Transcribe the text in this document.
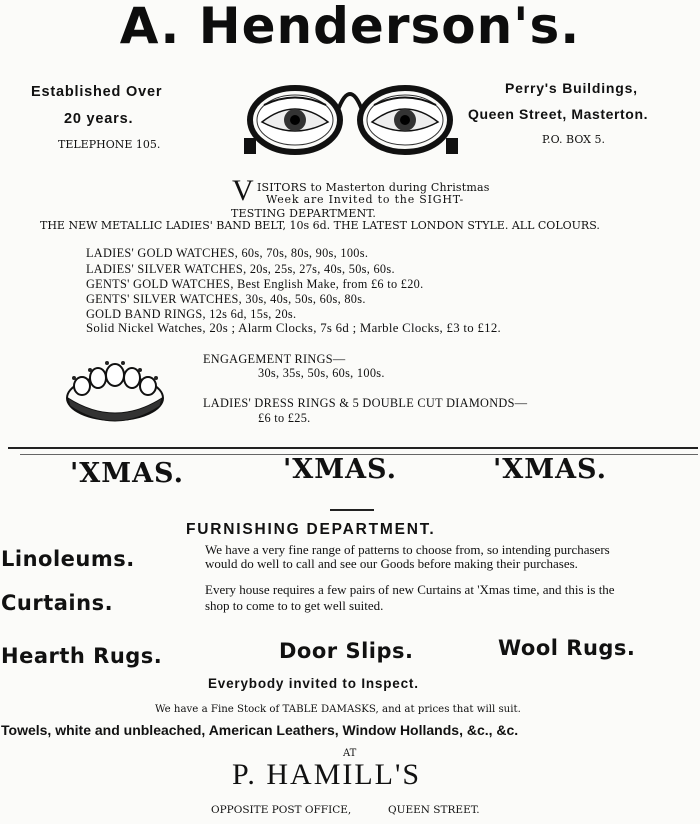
A. Henderson's.
Established Over
20 years.
TELEPHONE 105.
Perry's Buildings,
Queen Street, Masterton.
P.O. BOX 5.
V ISITORS to Masterton during Christmas
Week are Invited to the SIGHT-
TESTING DEPARTMENT.
THE NEW METALLIC LADIES' BAND BELT, 10s 6d. THE LATEST LONDON STYLE. ALL COLOURS.
LADIES' GOLD WATCHES, 60s, 70s, 80s, 90s, 100s.
LADIES' SILVER WATCHES, 20s, 25s, 27s, 40s, 50s, 60s.
GENTS' GOLD WATCHES, Best English Make, from £6 to £20.
GENTS' SILVER WATCHES, 30s, 40s, 50s, 60s, 80s.
GOLD BAND RINGS, 12s 6d, 15s, 20s.
Solid Nickel Watches, 20s ; Alarm Clocks, 7s 6d ; Marble Clocks, £3 to £12.
ENGAGEMENT RINGS—
30s, 35s, 50s, 60s, 100s.
LADIES' DRESS RINGS & 5 DOUBLE CUT DIAMONDS—
£6 to £25.
'XMAS.	'XMAS.	'XMAS.
FURNISHING DEPARTMENT.
Linoleums.	We have a very fine range of patterns to choose from, so intending purchasers
would do well to call and see our Goods before making their purchases.
Curtains.
Every house requires a few pairs of new Curtains at 'Xmas time, and this is the
shop to come to to get well suited.
Hearth Rugs.	Door Slips.	Wool Rugs.
Everybody invited to Inspect.
We have a Fine Stock of TABLE DAMASKS, and at prices that will suit.
Towels, white and unbleached, American Leathers, Window Hollands, &c., &c.
AT
P. HAMILL'S
OPPOSITE POST OFFICE,	QUEEN STREET.
